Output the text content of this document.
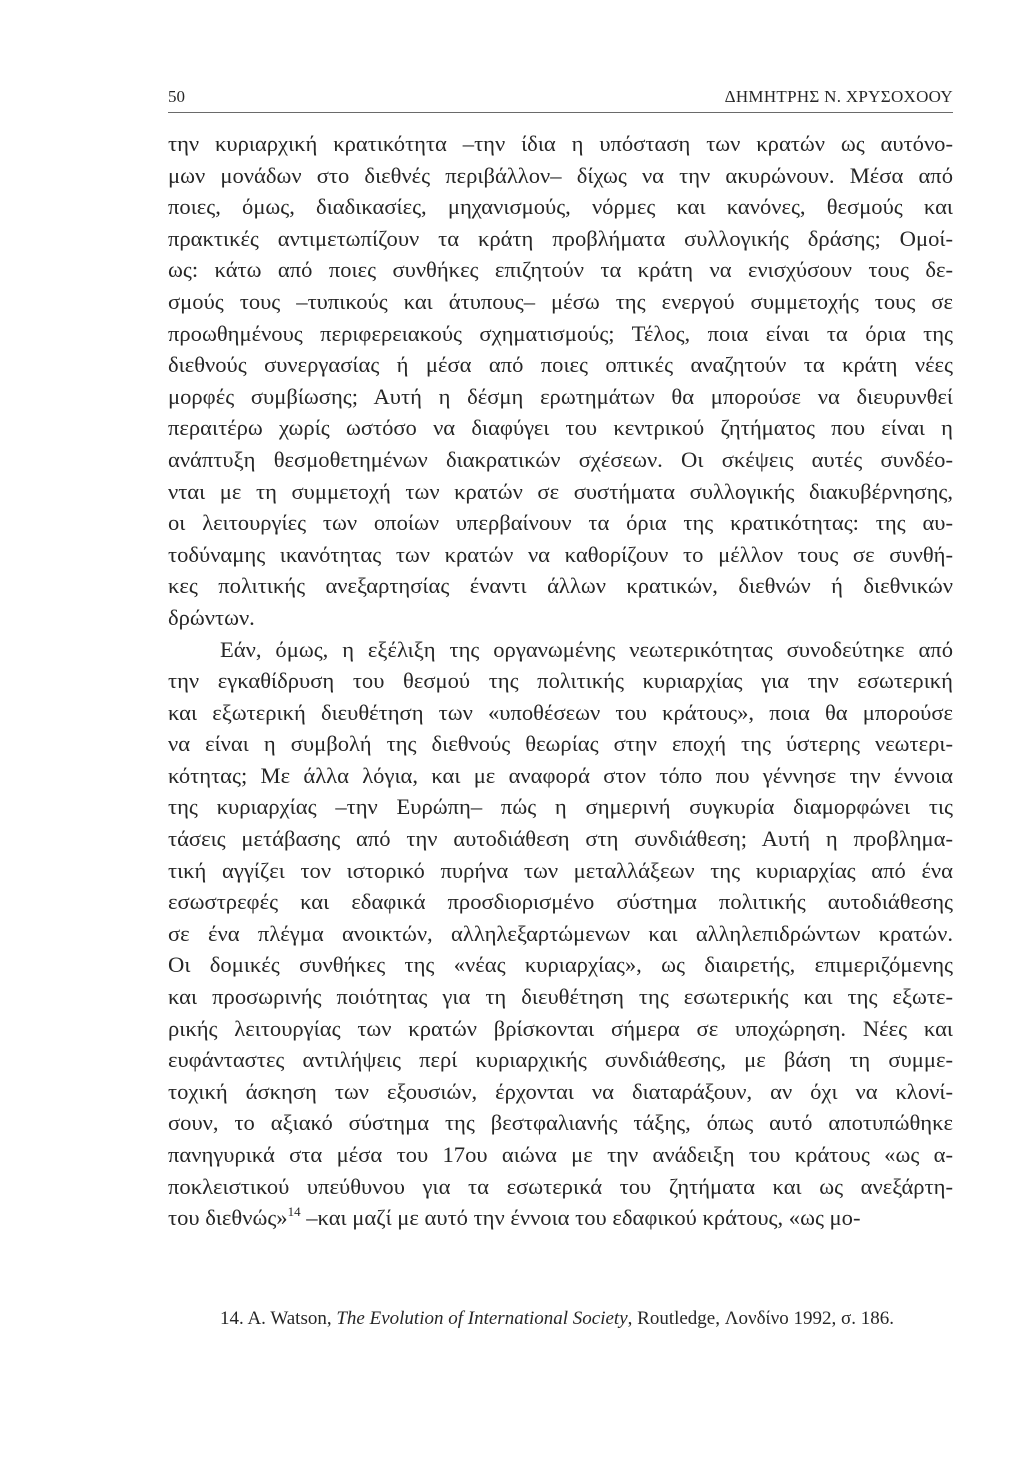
50	ΔΗΜΗΤΡΗΣ Ν. ΧΡΥΣΟΧΟΟΥ
την κυριαρχική κρατικότητα –την ίδια η υπόσταση των κρατών ως αυτόνο-
μων μονάδων στο διεθνές περιβάλλον– δίχως να την ακυρώνουν. Μέσα από
ποιες, όμως, διαδικασίες, μηχανισμούς, νόρμες και κανόνες, θεσμούς και
πρακτικές αντιμετωπίζουν τα κράτη προβλήματα συλλογικής δράσης; Ομοί-
ως: κάτω από ποιες συνθήκες επιζητούν τα κράτη να ενισχύσουν τους δε-
σμούς τους –τυπικούς και άτυπους– μέσω της ενεργού συμμετοχής τους σε
προωθημένους περιφερειακούς σχηματισμούς; Τέλος, ποια είναι τα όρια της
διεθνούς συνεργασίας ή μέσα από ποιες οπτικές αναζητούν τα κράτη νέες
μορφές συμβίωσης; Αυτή η δέσμη ερωτημάτων θα μπορούσε να διευρυνθεί
περαιτέρω χωρίς ωστόσο να διαφύγει του κεντρικού ζητήματος που είναι η
ανάπτυξη θεσμοθετημένων διακρατικών σχέσεων. Οι σκέψεις αυτές συνδέο-
νται με τη συμμετοχή των κρατών σε συστήματα συλλογικής διακυβέρνησης,
οι λειτουργίες των οποίων υπερβαίνουν τα όρια της κρατικότητας: της αυ-
τοδύναμης ικανότητας των κρατών να καθορίζουν το μέλλον τους σε συνθή-
κες πολιτικής ανεξαρτησίας έναντι άλλων κρατικών, διεθνών ή διεθνικών
δρώντων.
Εάν, όμως, η εξέλιξη της οργανωμένης νεωτερικότητας συνοδεύτηκε από
την εγκαθίδρυση του θεσμού της πολιτικής κυριαρχίας για την εσωτερική
και εξωτερική διευθέτηση των «υποθέσεων του κράτους», ποια θα μπορούσε
να είναι η συμβολή της διεθνούς θεωρίας στην εποχή της ύστερης νεωτερι-
κότητας; Με άλλα λόγια, και με αναφορά στον τόπο που γέννησε την έννοια
της κυριαρχίας –την Ευρώπη– πώς η σημερινή συγκυρία διαμορφώνει τις
τάσεις μετάβασης από την αυτοδιάθεση στη συνδιάθεση; Αυτή η προβλημα-
τική αγγίζει τον ιστορικό πυρήνα των μεταλλάξεων της κυριαρχίας από ένα
εσωστρεφές και εδαφικά προσδιορισμένο σύστημα πολιτικής αυτοδιάθεσης
σε ένα πλέγμα ανοικτών, αλληλεξαρτώμενων και αλληλεπιδρώντων κρατών.
Οι δομικές συνθήκες της «νέας κυριαρχίας», ως διαιρετής, επιμεριζόμενης
και προσωρινής ποιότητας για τη διευθέτηση της εσωτερικής και της εξωτε-
ρικής λειτουργίας των κρατών βρίσκονται σήμερα σε υποχώρηση. Νέες και
ευφάνταστες αντιλήψεις περί κυριαρχικής συνδιάθεσης, με βάση τη συμμε-
τοχική άσκηση των εξουσιών, έρχονται να διαταράξουν, αν όχι να κλονί-
σουν, το αξιακό σύστημα της βεστφαλιανής τάξης, όπως αυτό αποτυπώθηκε
πανηγυρικά στα μέσα του 17ου αιώνα με την ανάδειξη του κράτους «ως α-
ποκλειστικού υπεύθυνου για τα εσωτερικά του ζητήματα και ως ανεξάρτη-
του διεθνώς»$^{14}$ –και μαζί με αυτό την έννοια του εδαφικού κράτους, «ως μο-
14. A. Watson, The Evolution of International Society, Routledge, Λονδίνο 1992, σ. 186.
